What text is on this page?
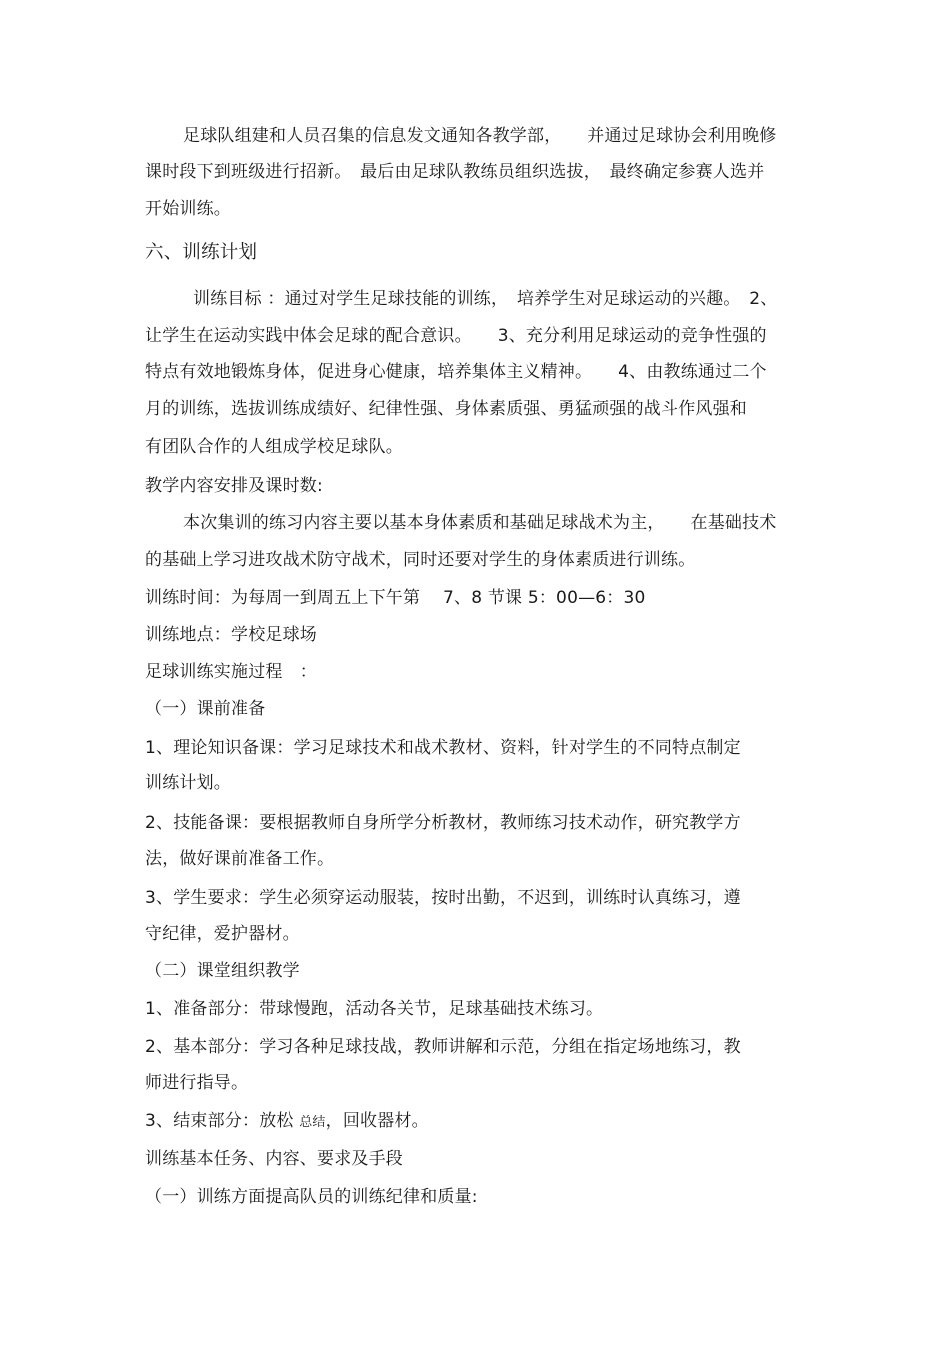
足球队组建和人员召集的信息发文通知各教学部，　　并通过足球协会利用晚修
课时段下到班级进行招新。　最后由足球队教练员组织选拔，　最终确定参赛人选并
开始训练。
六、训练计划
训练目标 ：通过对学生足球技能的训练，　培养学生对足球运动的兴趣。　2、
让学生在运动实践中体会足球的配合意识。　　3、充分利用足球运动的竞争性强的
特点有效地锻炼身体，促进身心健康，培养集体主义精神。　　4、由教练通过二个
月的训练，选拔训练成绩好、纪律性强、身体素质强、勇猛顽强的战斗作风强和
有团队合作的人组成学校足球队。
教学内容安排及课时数:
本次集训的练习内容主要以基本身体素质和基础足球战术为主，　　在基础技术
的基础上学习进攻战术防守战术，同时还要对学生的身体素质进行训练。
训练时间：为每周一到周五上下午第　 7、8 节课 5：00—6：30
训练地点：学校足球场
足球训练实施过程　：
（一）课前准备
1、理论知识备课：学习足球技术和战术教材、资料，针对学生的不同特点制定
训练计划。
2、技能备课：要根据教师自身所学分析教材，教师练习技术动作，研究教学方
法，做好课前准备工作。
3、学生要求：学生必须穿运动服装，按时出勤，不迟到，训练时认真练习，遵
守纪律，爱护器材。
（二）课堂组织教学
1、准备部分：带球慢跑，活动各关节，足球基础技术练习。
2、基本部分：学习各种足球技战，教师讲解和示范，分组在指定场地练习，教
师进行指导。
3、结束部分：放松 总结，回收器材。
训练基本任务、内容、要求及手段
（一）训练方面提高队员的训练纪律和质量:
